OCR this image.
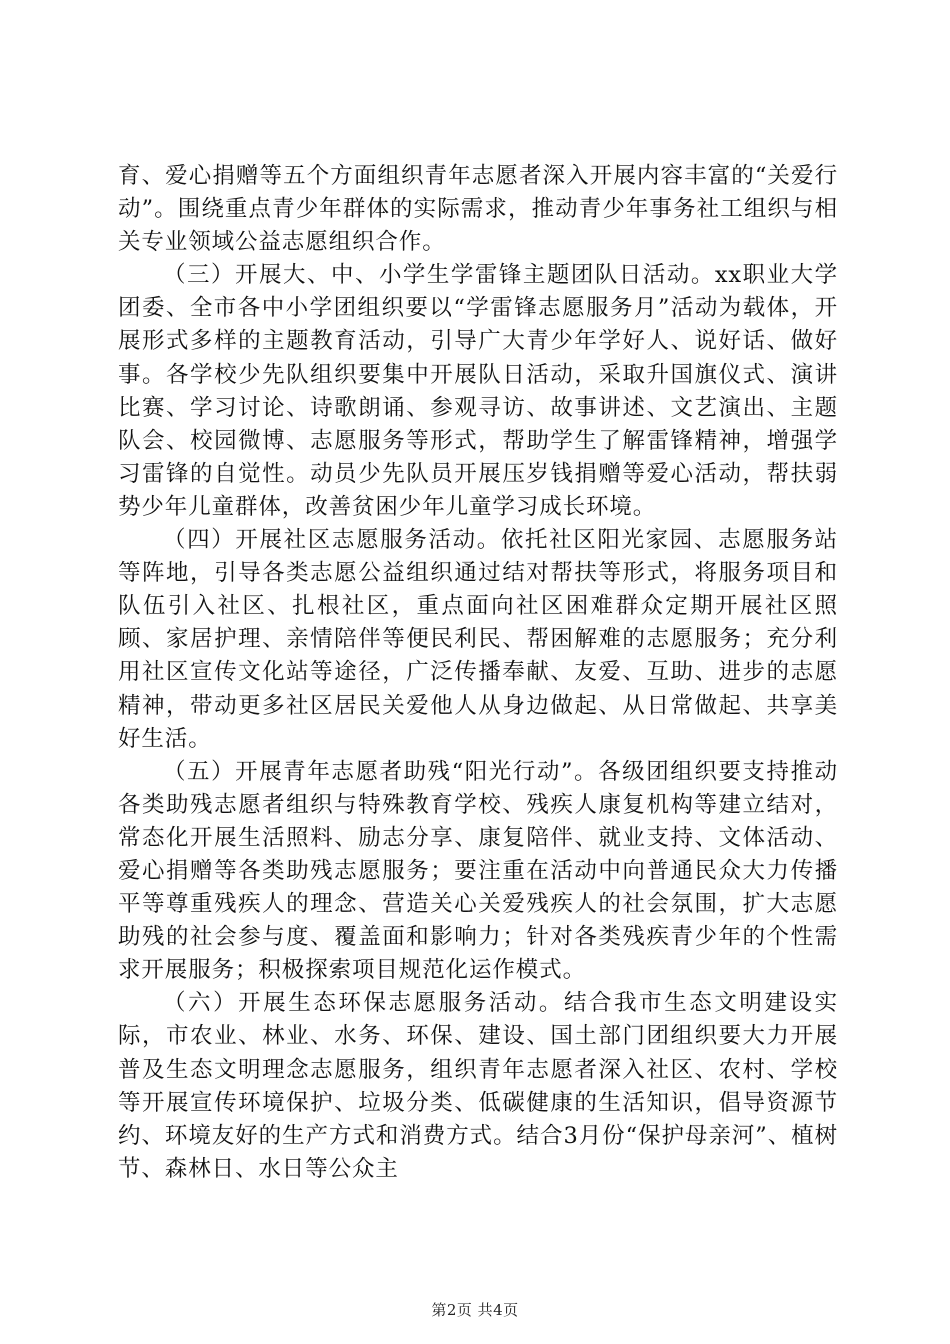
育、爱心捐赠等五个方面组织青年志愿者深入开展内容丰富的“关爱行动”。围绕重点青少年群体的实际需求，推动青少年事务社工组织与相关专业领域公益志愿组织合作。

（三）开展大、中、小学生学雷锋主题团队日活动。xx职业大学团委、全市各中小学团组织要以“学雷锋志愿服务月”活动为载体，开展形式多样的主题教育活动，引导广大青少年学好人、说好话、做好事。各学校少先队组织要集中开展队日活动，采取升国旗仪式、演讲比赛、学习讨论、诗歌朗诵、参观寻访、故事讲述、文艺演出、主题队会、校园微博、志愿服务等形式，帮助学生了解雷锋精神，增强学习雷锋的自觉性。动员少先队员开展压岁钱捐赠等爱心活动，帮扶弱势少年儿童群体，改善贫困少年儿童学习成长环境。

（四）开展社区志愿服务活动。依托社区阳光家园、志愿服务站等阵地，引导各类志愿公益组织通过结对帮扶等形式，将服务项目和队伍引入社区、扎根社区，重点面向社区困难群众定期开展社区照顾、家居护理、亲情陪伴等便民利民、帮困解难的志愿服务；充分利用社区宣传文化站等途径，广泛传播奉献、友爱、互助、进步的志愿精神，带动更多社区居民关爱他人从身边做起、从日常做起、共享美好生活。

（五）开展青年志愿者助残“阳光行动”。各级团组织要支持推动各类助残志愿者组织与特殊教育学校、残疾人康复机构等建立结对，常态化开展生活照料、励志分享、康复陪伴、就业支持、文体活动、爱心捐赠等各类助残志愿服务；要注重在活动中向普通民众大力传播平等尊重残疾人的理念、营造关心关爱残疾人的社会氛围，扩大志愿助残的社会参与度、覆盖面和影响力；针对各类残疾青少年的个性需求开展服务；积极探索项目规范化运作模式。

（六）开展生态环保志愿服务活动。结合我市生态文明建设实际，市农业、林业、水务、环保、建设、国土部门团组织要大力开展普及生态文明理念志愿服务，组织青年志愿者深入社区、农村、学校等开展宣传环境保护、垃圾分类、低碳健康的生活知识，倡导资源节约、环境友好的生产方式和消费方式。结合3月份“保护母亲河”、植树节、森林日、水日等公众主

第2页 共4页
